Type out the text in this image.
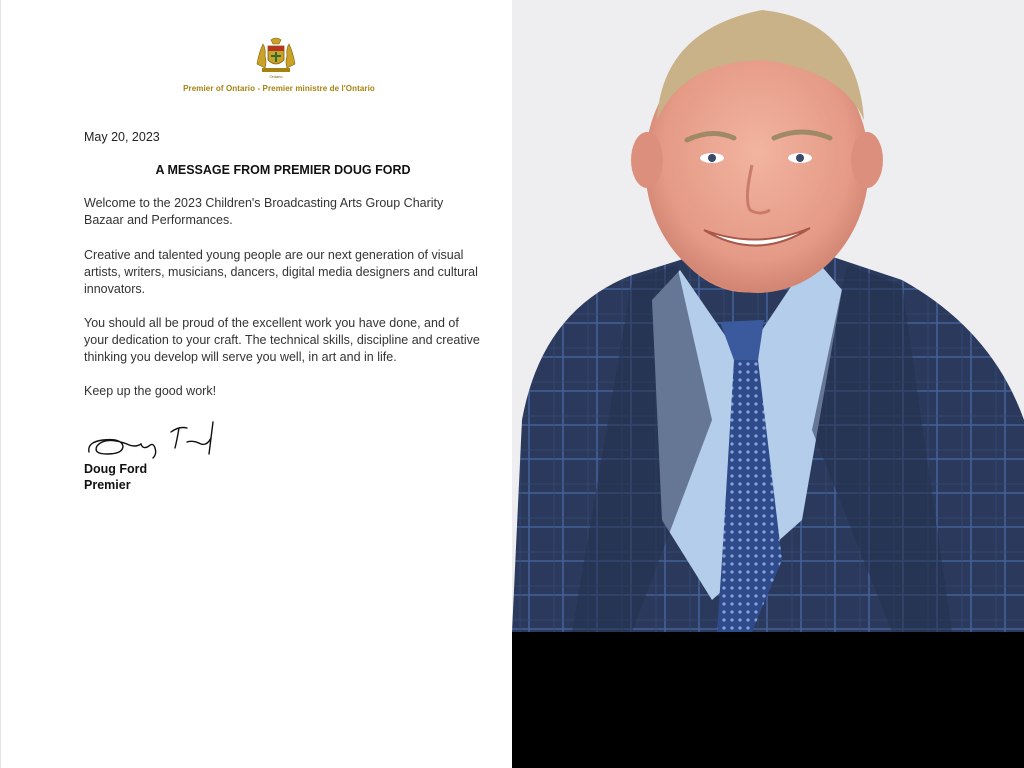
Ontario
Premier of Ontario - Premier ministre de l'Ontario
May 20, 2023
A MESSAGE FROM PREMIER DOUG FORD

Welcome to the 2023 Children's Broadcasting Arts Group Charity Bazaar and Performances.

Creative and talented young people are our next generation of visual artists, writers, musicians, dancers, digital media designers and cultural innovators.

You should all be proud of the excellent work you have done, and of your dedication to your craft. The technical skills, discipline and creative thinking you develop will serve you well, in art and in life.

Keep up the good work!

Doug Ford
Premier
